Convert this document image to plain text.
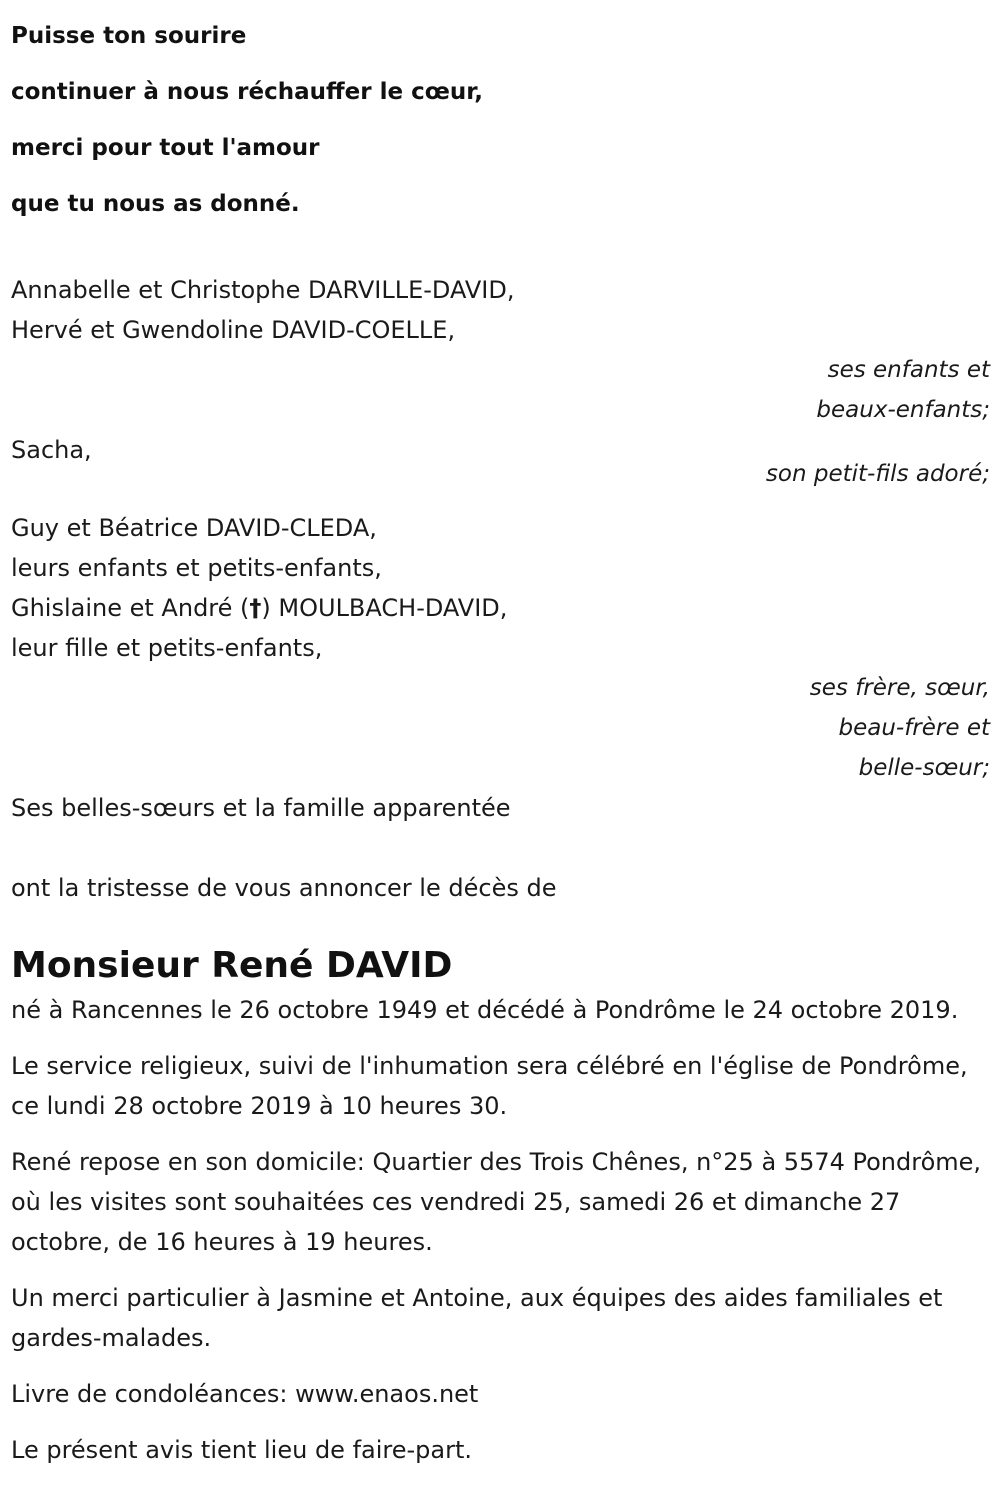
Puisse ton sourire
continuer à nous réchauffer le cœur,
merci pour tout l'amour
que tu nous as donné.
Annabelle et Christophe DARVILLE-DAVID,
Hervé et Gwendoline DAVID-COELLE,
ses enfants et
beaux-enfants;
Sacha,
son petit-fils adoré;
Guy et Béatrice DAVID-CLEDA,
leurs enfants et petits-enfants,
Ghislaine et André (†) MOULBACH-DAVID,
leur fille et petits-enfants,
ses frère, sœur,
beau-frère et
belle-sœur;
Ses belles-sœurs et la famille apparentée
ont la tristesse de vous annoncer le décès de
Monsieur René DAVID

né à Rancennes le 26 octobre 1949 et décédé à Pondrôme le 24 octobre 2019.

Le service religieux, suivi de l'inhumation sera célébré en l'église de Pondrôme, ce lundi 28 octobre 2019 à 10 heures 30.

René repose en son domicile: Quartier des Trois Chênes, n°25 à 5574 Pondrôme, où les visites sont souhaitées ces vendredi 25, samedi 26 et dimanche 27 octobre, de 16 heures à 19 heures.

Un merci particulier à Jasmine et Antoine, aux équipes des aides familiales et gardes-malades.

Livre de condoléances: www.enaos.net

Le présent avis tient lieu de faire-part.
